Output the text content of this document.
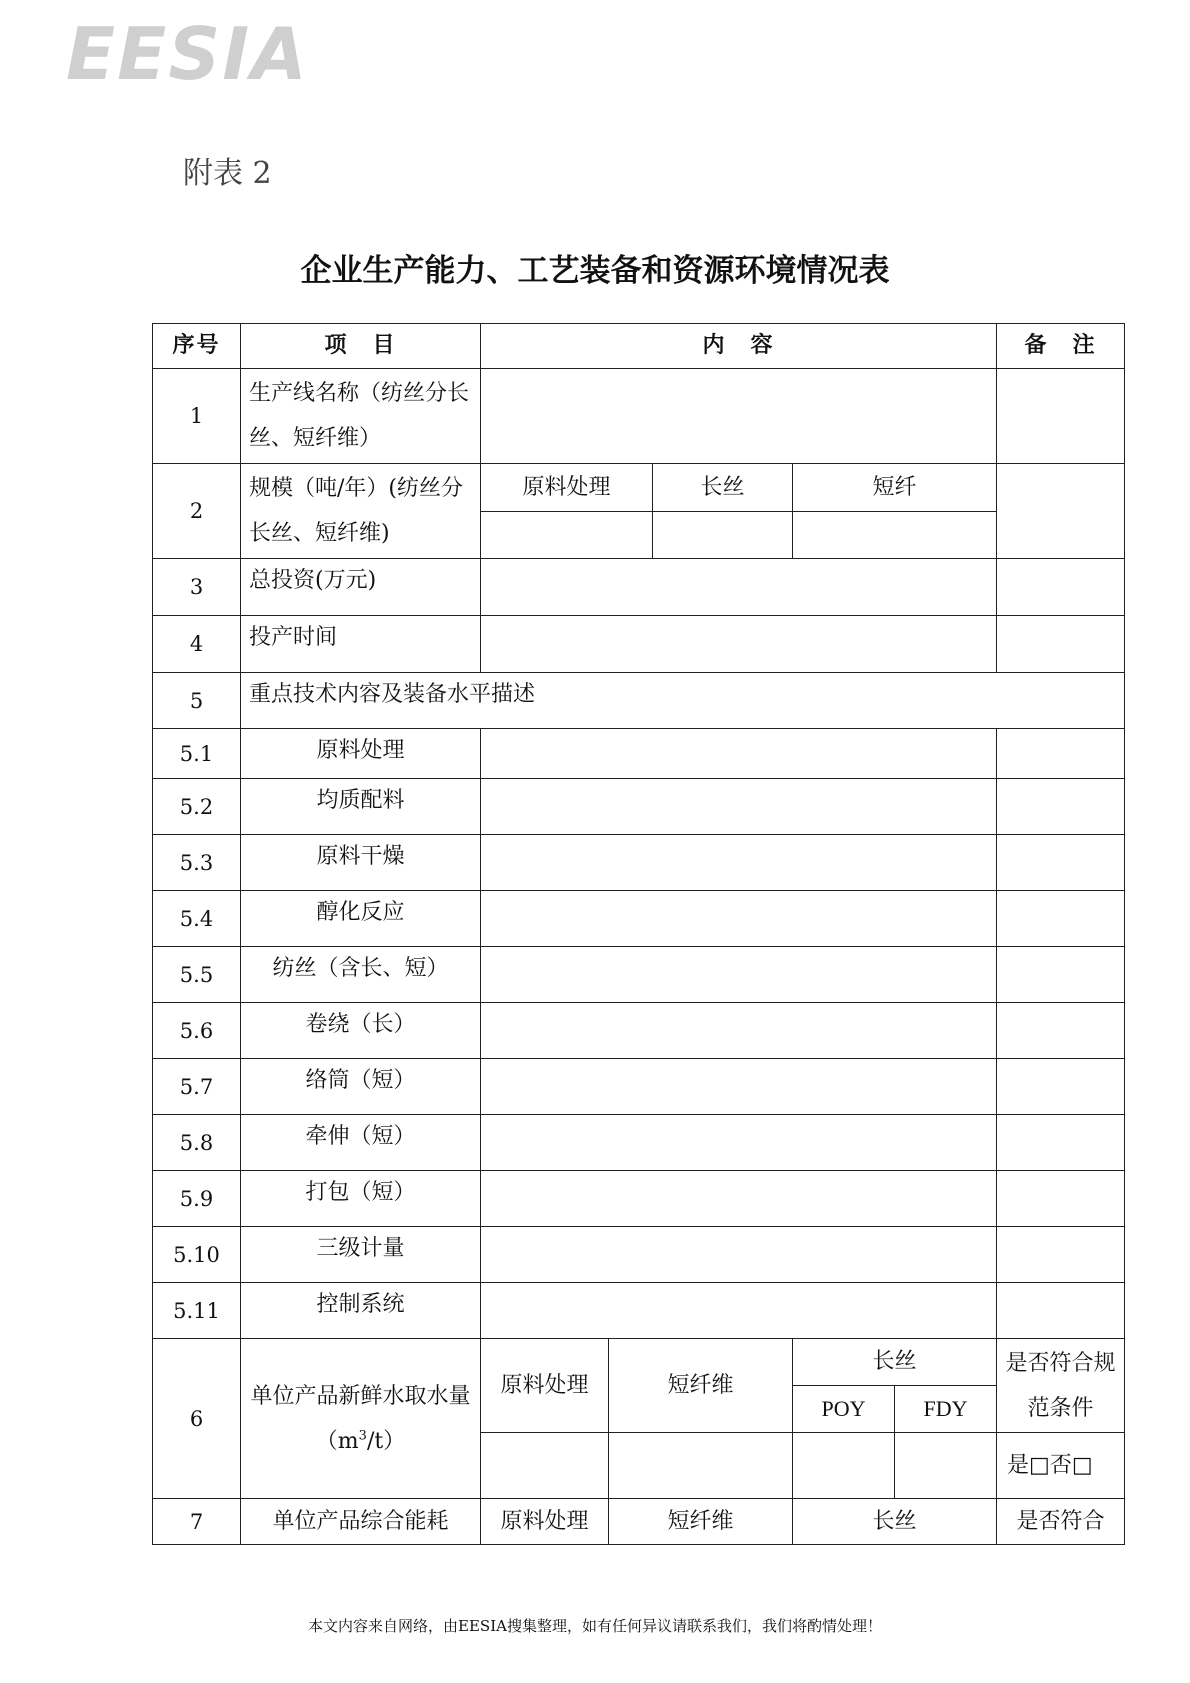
EESIA
附表 2
企业生产能力、工艺装备和资源环境情况表
序号	项　目	内　容					备　注
1	生产线名称（纺丝分长丝、短纤维）						
2	规模（吨/年）(纺丝分长丝、短纤维)	原料处理		长丝	短纤		

3	总投资(万元)						
4	投产时间						
5	重点技术内容及装备水平描述						
5.1	原料处理						
5.2	均质配料						
5.3	原料干燥						
5.4	醇化反应						
5.5	纺丝（含长、短）						
5.6	卷绕（长）						
5.7	络筒（短）						
5.8	牵伸（短）						
5.9	打包（短）						
5.10	三级计量						
5.11	控制系统						
6	单位产品新鲜水取水量$(m^3/t)$	原料处理	短纤维		长丝		是否符合规范条件
					POY	FDY	
							是□否□
7	单位产品综合能耗	原料处理	短纤维		长丝		是否符合
本文内容来自网络，由EESIA搜集整理，如有任何异议请联系我们，我们将酌情处理！
